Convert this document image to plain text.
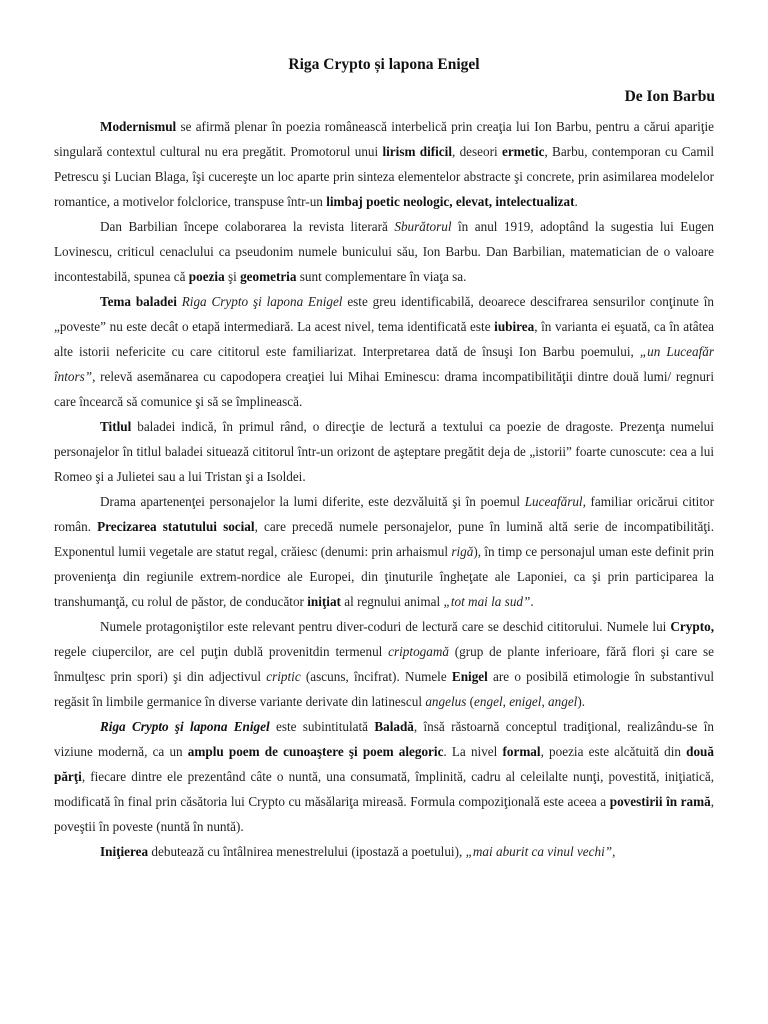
Riga Crypto și lapona Enigel
De Ion Barbu

Modernismul se afirmă plenar în poezia românească interbelică prin creaţia lui Ion Barbu, pentru a cărui apariţie singulară contextul cultural nu era pregătit. Promotorul unui lirism dificil, deseori ermetic, Barbu, contemporan cu Camil Petrescu şi Lucian Blaga, îşi cucereşte un loc aparte prin sinteza elementelor abstracte şi concrete, prin asimilarea modelelor romantice, a motivelor folclorice, transpuse într-un limbaj poetic neologic, elevat, intelectualizat.

Dan Barbilian începe colaborarea la revista literară Sburătorul în anul 1919, adoptând la sugestia lui Eugen Lovinescu, criticul cenaclului ca pseudonim numele bunicului său, Ion Barbu. Dan Barbilian, matematician de o valoare incontestabilă, spunea că poezia şi geometria sunt complementare în viaţa sa.

Tema baladei Riga Crypto şi lapona Enigel este greu identificabilă, deoarece descifrarea sensurilor conţinute în „poveste” nu este decât o etapă intermediară. La acest nivel, tema identificată este iubirea, în varianta ei eşuată, ca în atâtea alte istorii nefericite cu care cititorul este familiarizat. Interpretarea dată de însuşi Ion Barbu poemului, „un Luceafăr întors”, relevă asemănarea cu capodopera creaţiei lui Mihai Eminescu: drama incompatibilităţii dintre două lumi/ regnuri care încearcă să comunice şi să se împlinească.

Titlul baladei indică, în primul rând, o direcţie de lectură a textului ca poezie de dragoste. Prezenţa numelui personajelor în titlul baladei situează cititorul într-un orizont de aşteptare pregătit deja de „istorii” foarte cunoscute: cea a lui Romeo şi a Julietei sau a lui Tristan şi a Isoldei.

Drama apartenenţei personajelor la lumi diferite, este dezvăluită şi în poemul Luceafărul, familiar oricărui cititor român. Precizarea statutului social, care precedă numele personajelor, pune în lumină altă serie de incompatibilităţi. Exponentul lumii vegetale are statut regal, crăiesc (denumi: prin arhaismul rigă), în timp ce personajul uman este definit prin provenienţa din regiunile extrem-nordice ale Europei, din ţinuturile îngheţate ale Laponiei, ca şi prin participarea la transhumanţă, cu rolul de păstor, de conducător iniţiat al regnului animal „tot mai la sud”.

Numele protagoniştilor este relevant pentru diver-coduri de lectură care se deschid cititorului. Numele lui Crypto, regele ciupercilor, are cel puţin dublă provenitdin termenul criptogamă (grup de plante inferioare, fără flori şi care se înmulţesc prin spori) şi din adjectivul criptic (ascuns, încifrat). Numele Enigel are o posibilă etimologie în substantivul regăsit în limbile germanice în diverse variante derivate din latinescul angelus (engel, enigel, angel).

Riga Crypto şi lapona Enigel este subintitulată Baladă, însă răstoarnă conceptul tradiţional, realizându-se în viziune modernă, ca un amplu poem de cunoaştere şi poem alegoric. La nivel formal, poezia este alcătuită din două părţi, fiecare dintre ele prezentând câte o nuntă, una consumată, împlinită, cadru al celeilalte nunţi, povestită, iniţiatică, modificată în final prin căsătoria lui Crypto cu măsălariţa mireasă. Formula compoziţională este aceea a povestirii în ramă, poveştii în poveste (nuntă în nuntă).

Iniţierea debutează cu întâlnirea menestrelului (ipostază a poetului), „mai aburit ca vinul vechi”,
